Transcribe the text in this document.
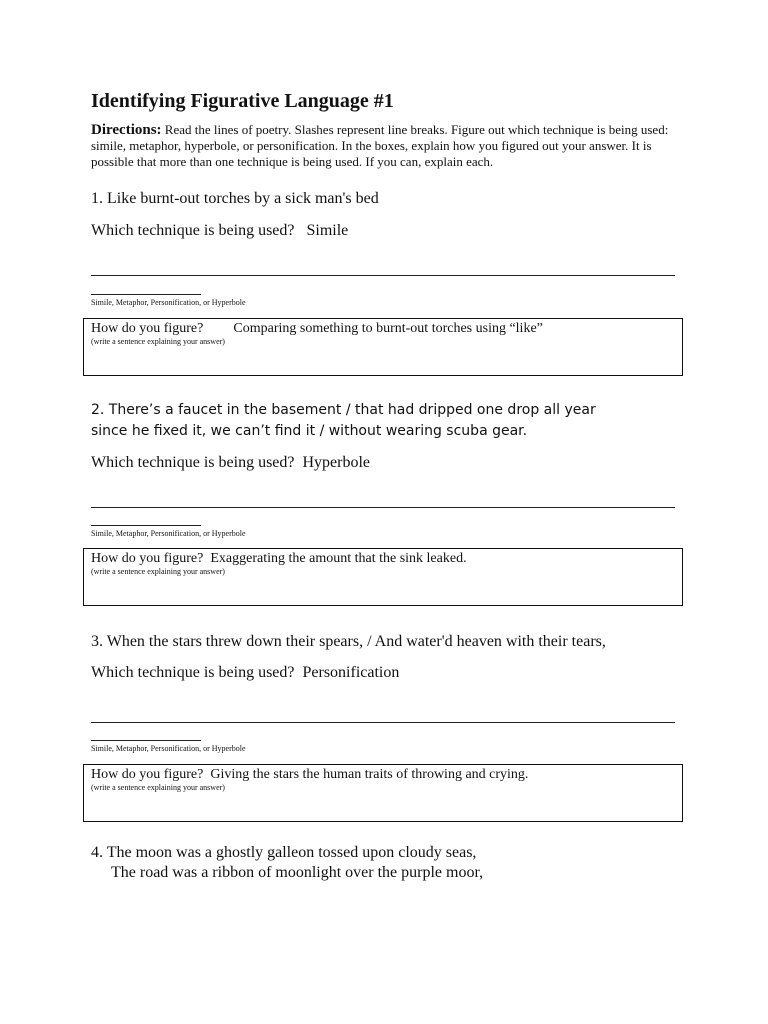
Identifying Figurative Language #1
Directions: Read the lines of poetry. Slashes represent line breaks. Figure out which technique is being used: simile, metaphor, hyperbole, or personification. In the boxes, explain how you figured out your answer. It is possible that more than one technique is being used. If you can, explain each.
1. Like burnt-out torches by a sick man's bed
Which technique is being used? Simile
Simile, Metaphor, Personification, or Hyperbole
How do you figure? Comparing something to burnt-out torches using “like”
(write a sentence explaining your answer)
2. There’s a faucet in the basement / that had dripped one drop all year
since he fixed it, we can’t find it / without wearing scuba gear.
Which technique is being used? Hyperbole
Simile, Metaphor, Personification, or Hyperbole
How do you figure? Exaggerating the amount that the sink leaked.
(write a sentence explaining your answer)
3. When the stars threw down their spears, / And water'd heaven with their tears,
Which technique is being used? Personification
Simile, Metaphor, Personification, or Hyperbole
How do you figure? Giving the stars the human traits of throwing and crying.
(write a sentence explaining your answer)
4. The moon was a ghostly galleon tossed upon cloudy seas,
The road was a ribbon of moonlight over the purple moor,
